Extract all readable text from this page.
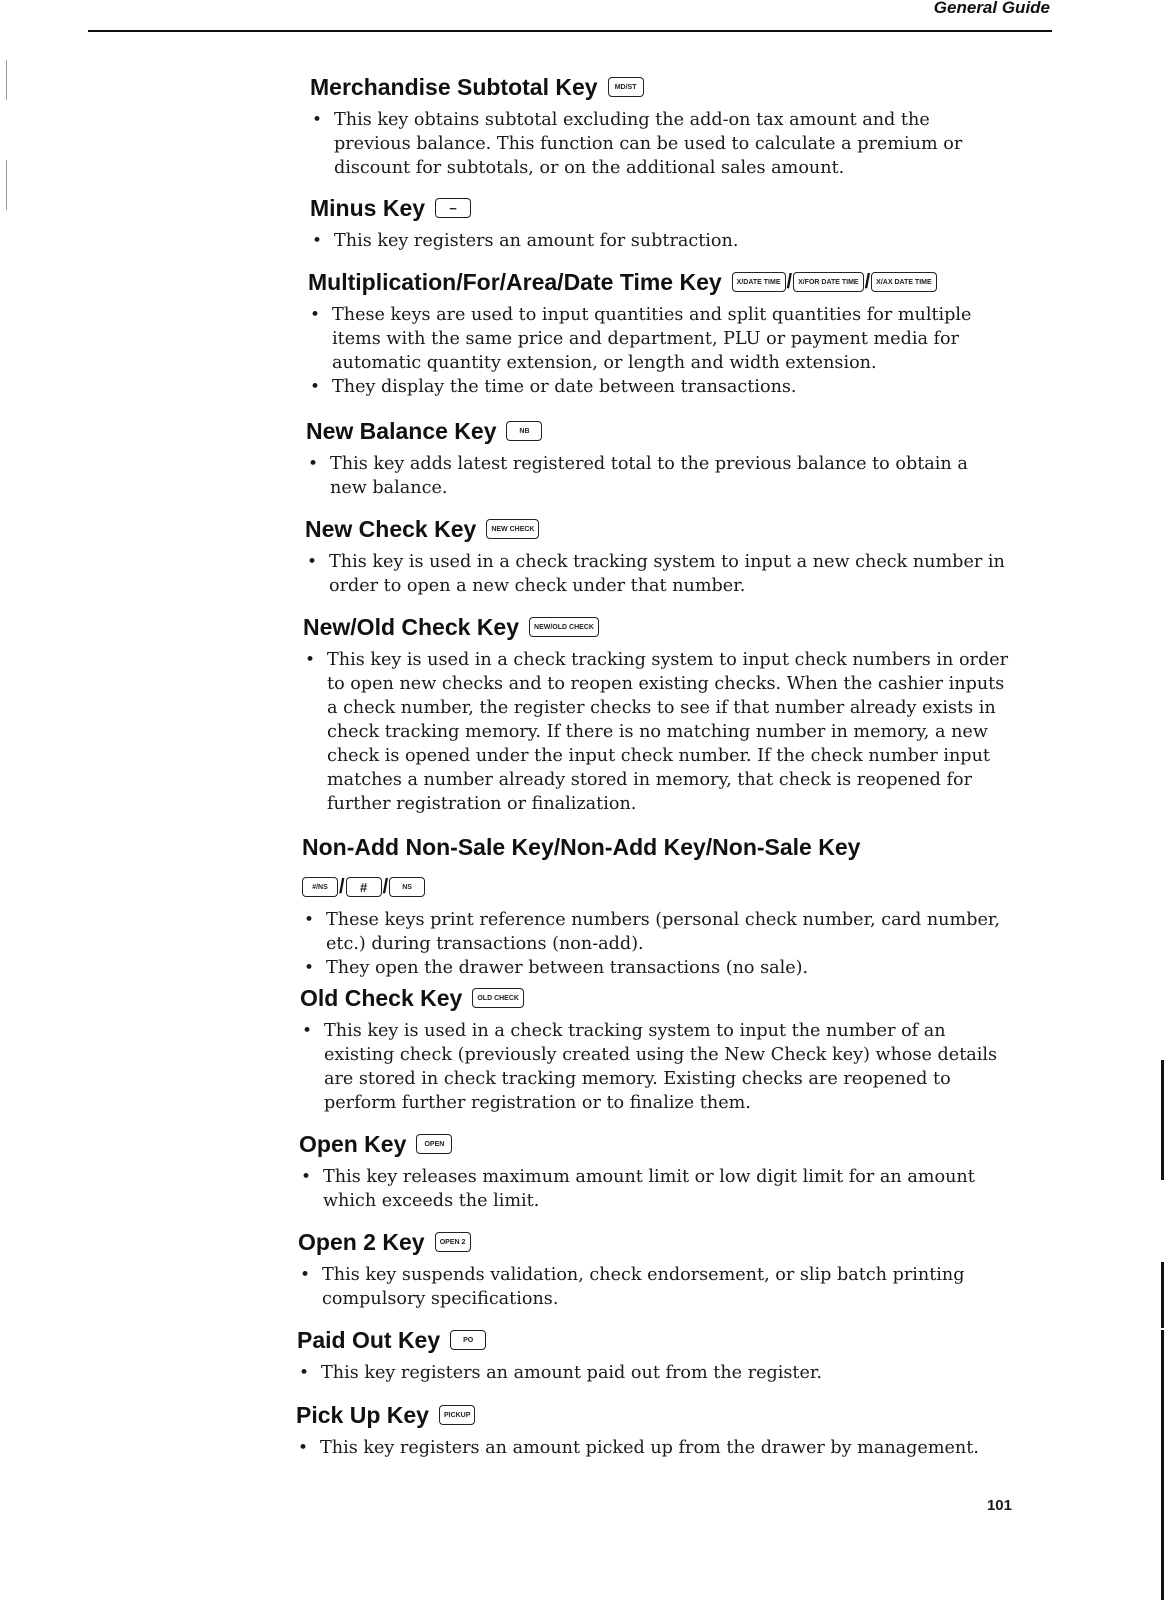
General Guide
Merchandise Subtotal Key	MD/ST
• This key obtains subtotal excluding the add-on tax amount and the previous balance. This function can be used to calculate a premium or discount for subtotals, or on the additional sales amount.
Minus Key	−
• This key registers an amount for subtraction.
Multiplication/For/Area/Date Time Key	X/DATE TIME / X/FOR DATE TIME / X/AX DATE TIME
• These keys are used to input quantities and split quantities for multiple items with the same price and department, PLU or payment media for automatic quantity extension, or length and width extension.
• They display the time or date between transactions.
New Balance Key	NB
• This key adds latest registered total to the previous balance to obtain a new balance.
New Check Key	NEW CHECK
• This key is used in a check tracking system to input a new check number in order to open a new check under that number.
New/Old Check Key	NEW/OLD CHECK
• This key is used in a check tracking system to input check numbers in order to open new checks and to reopen existing checks. When the cashier inputs a check number, the register checks to see if that number already exists in check tracking memory. If there is no matching number in memory, a new check is opened under the input check number. If the check number input matches a number already stored in memory, that check is reopened for further registration or finalization.
Non-Add Non-Sale Key/Non-Add Key/Non-Sale Key
#/NS /	# /	NS
• These keys print reference numbers (personal check number, card number, etc.) during transactions (non-add).
• They open the drawer between transactions (no sale).
Old Check Key	OLD CHECK
• This key is used in a check tracking system to input the number of an existing check (previously created using the New Check key) whose details are stored in check tracking memory. Existing checks are reopened to perform further registration or to finalize them.
Open Key	OPEN
• This key releases maximum amount limit or low digit limit for an amount which exceeds the limit.
Open 2 Key	OPEN 2
• This key suspends validation, check endorsement, or slip batch printing compulsory specifications.
Paid Out Key	PO
• This key registers an amount paid out from the register.
Pick Up Key	PICKUP
• This key registers an amount picked up from the drawer by management.
101
